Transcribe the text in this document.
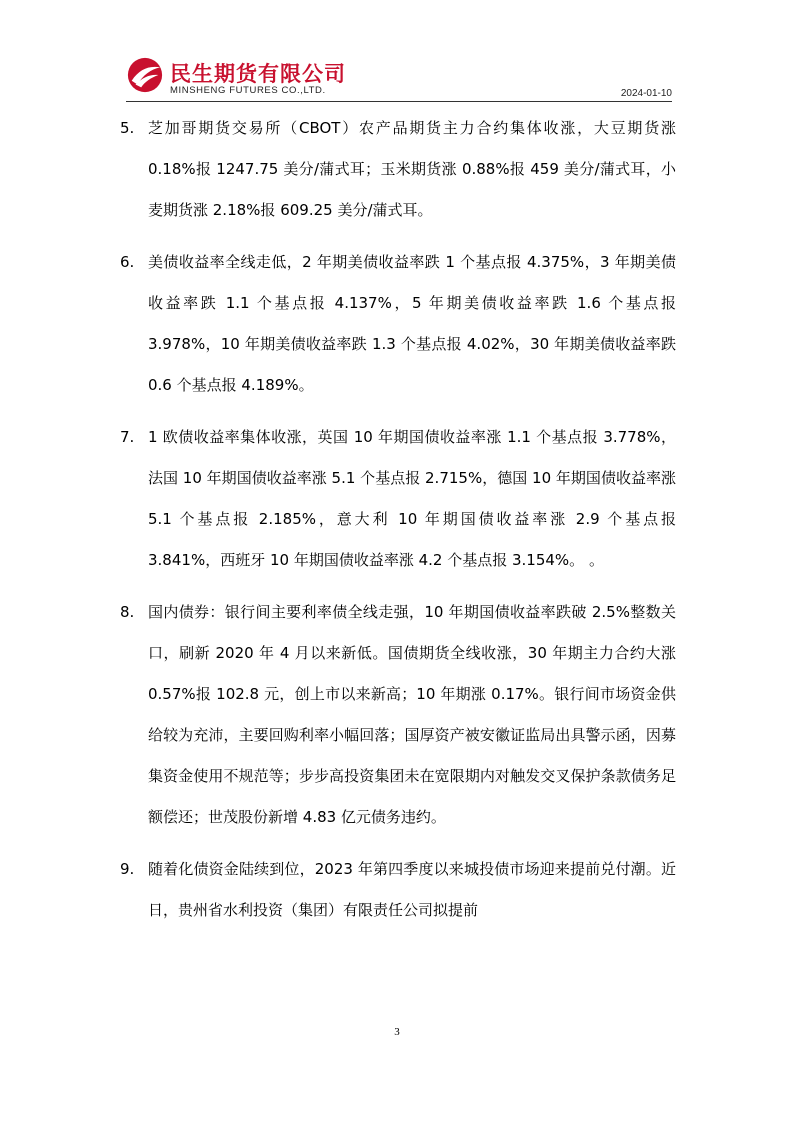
民生期货有限公司
MINSHENG FUTURES CO.,LTD.	2024-01-10
5. 芝加哥期货交易所（CBOT）农产品期货主力合约集体收涨，大豆期货涨 0.18%报 1247.75 美分/蒲式耳；玉米期货涨 0.88%报 459 美分/蒲式耳，小麦期货涨 2.18%报 609.25 美分/蒲式耳。
6. 美债收益率全线走低，2 年期美债收益率跌 1 个基点报 4.375%，3 年期美债收益率跌 1.1 个基点报 4.137%，5 年期美债收益率跌 1.6 个基点报 3.978%，10 年期美债收益率跌 1.3 个基点报 4.02%，30 年期美债收益率跌 0.6 个基点报 4.189%。
7. 1 欧债收益率集体收涨，英国 10 年期国债收益率涨 1.1 个基点报 3.778%，法国 10 年期国债收益率涨 5.1 个基点报 2.715%，德国 10 年期国债收益率涨 5.1 个基点报 2.185%，意大利 10 年期国债收益率涨 2.9 个基点报 3.841%，西班牙 10 年期国债收益率涨 4.2 个基点报 3.154%。 。
8. 国内债券：银行间主要利率债全线走强，10 年期国债收益率跌破 2.5%整数关口，刷新 2020 年 4 月以来新低。国债期货全线收涨，30 年期主力合约大涨 0.57%报 102.8 元，创上市以来新高；10 年期涨 0.17%。银行间市场资金供给较为充沛，主要回购利率小幅回落；国厚资产被安徽证监局出具警示函，因募集资金使用不规范等；步步高投资集团未在宽限期内对触发交叉保护条款债务足额偿还；世茂股份新增 4.83 亿元债务违约。
9. 随着化债资金陆续到位，2023 年第四季度以来城投债市场迎来提前兑付潮。近日，贵州省水利投资（集团）有限责任公司拟提前
3
